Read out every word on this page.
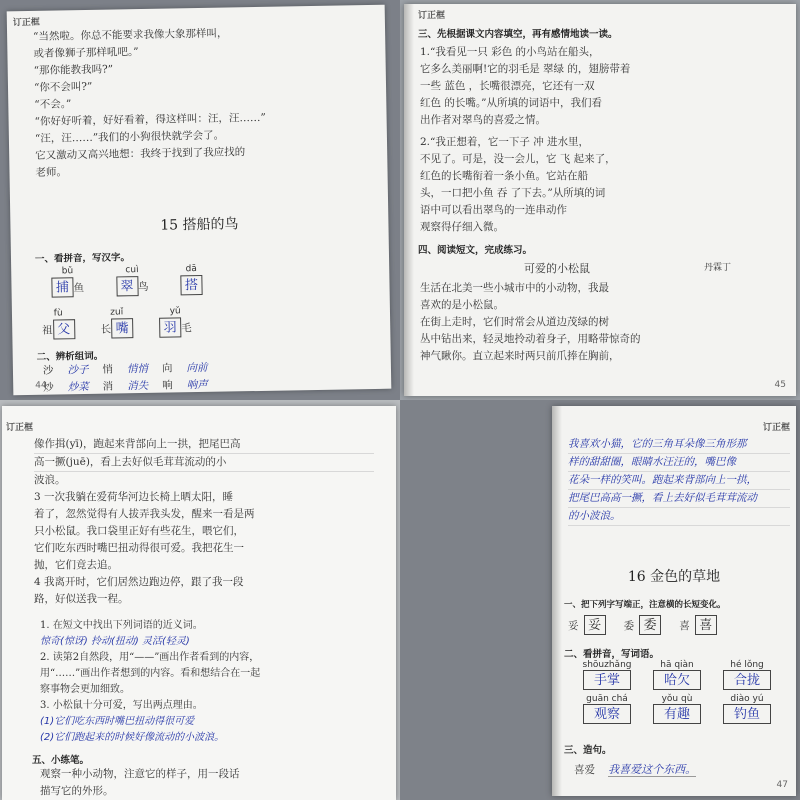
订正框
“当然啦。你总不能要求我像大象那样叫，
或者像狮子那样吼吧。”
“那你能教我吗?”
“你不会叫?”
“不会。”
“你好好听着，好好看着，得这样叫：汪，汪……”
“汪，汪……”我们的小狗很快就学会了。
它又激动又高兴地想：我终于找到了我应找的
老师。
15 搭船的鸟
一、看拼音，写汉字。
bǔ
捕 鱼
cuì
翠 鸟
dā
搭
fù
祖 父
zuǐ
长 嘴
yǔ
羽 毛
二、辨析组词。
沙 沙子 悄 悄悄 向 向前
炒 炒菜 消 消失 响 响声
44
订正框
三、先根据课文内容填空，再有感情地读一读。
1.“我看见一只 彩色 的小鸟站在船头，
它多么美丽啊!它的羽毛是 翠绿 的，翅膀带着
一些 蓝色 ，长嘴很漂亮，它还有一双
红色 的长嘴。”从所填的词语中，我们看
出作者对翠鸟的喜爱之情。
2.“我正想着，它一下子 冲 进水里，
不见了。可是，没一会儿，它 飞 起来了，
红色的长嘴衔着一条小鱼。它站在船
头，一口把小鱼 吞 了下去。”从所填的词
语中可以看出翠鸟的一连串动作
观察得仔细入微。
四、阅读短文，完成练习。
可爱的小松鼠	丹霖丁
生活在北美一些小城市中的小动物，我最
喜欢的是小松鼠。
在街上走时，它们时常会从道边茂绿的树
丛中钻出来，轻灵地拎动着身子，用略带惊奇的
神气瞅你。直立起来时两只前爪捧在胸前，
45
订正框
像作揖(yī)，跑起来背部向上一拱，把尾巴高
高一撅(juē)，看上去好似毛茸茸流动的小
波浪。
3 一次我躺在爱荷华河边长椅上晒太阳，睡
着了，忽然觉得有人拔弄我头发，醒来一看是两
只小松鼠。我口袋里正好有些花生，喂它们，
它们吃东西时嘴巴扭动得很可爱。我把花生一
抛，它们竟去追。
4 我离开时，它们居然边跑边停，跟了我一段
路，好似送我一程。
1. 在短文中找出下列词语的近义词。
惊奇(惊讶) 拎动(扭动) 灵活(轻灵)
2. 读第2自然段，用“——”画出作者看到的内容，
用“……”画出作者想到的内容。看和想结合在一起
察事物会更加细致。
3. 小松鼠十分可爱，写出两点理由。
(1)它们吃东西时嘴巴扭动得很可爱
(2)它们跑起来的时候好像流动的小波浪。
五、小练笔。
观察一种小动物，注意它的样子，用一段话
描写它的外形。
订正框
我喜欢小猫，它的三角耳朵像三角形那
样的甜甜圈，眼睛水汪汪的，嘴巴像
花朵一样的笑叫。跑起来背部向上一拱，
把尾巴高高一撅，看上去好似毛茸茸流动
的小波浪。
16 金色的草地
一、把下列字写端正，注意横的长短变化。
妥 妥	委 委	喜 喜
二、看拼音，写词语。
shōuzhǎng
手掌
hā qiàn
哈欠
hé lǒng
合拢
guān chá
观察
yǒu qù
有趣
diào yú
钓鱼
三、造句。
喜爱 我喜爱这个东西。
47
